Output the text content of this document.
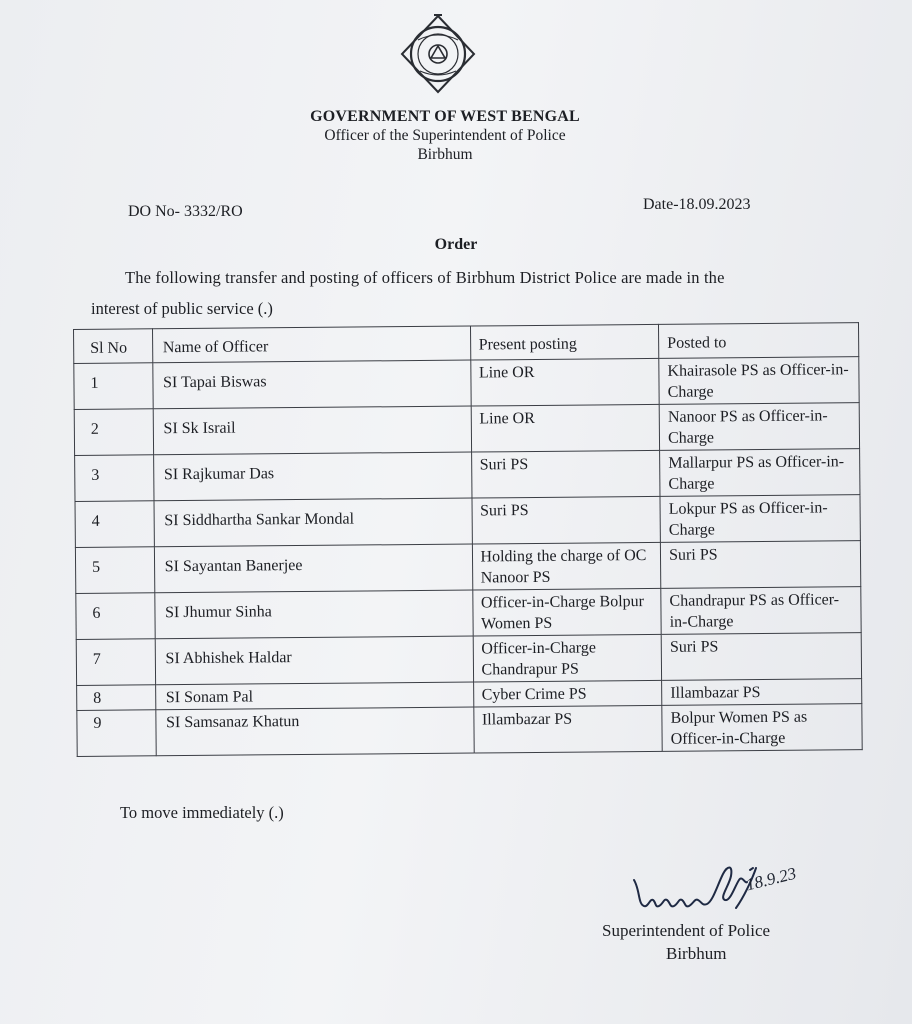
GOVERNMENT OF WEST BENGAL
Officer of the Superintendent of Police
Birbhum
DO No- 3332/RO	Date-18.09.2023
Order
The following transfer and posting of officers of Birbhum District Police are made in the
interest of public service (.)
Sl No	Name of Officer	Present posting	Posted to
1	SI Tapai Biswas	Line OR	Khairasole PS as Officer-in-Charge
2	SI Sk Israil	Line OR	Nanoor PS as Officer-in-Charge
3	SI Rajkumar Das	Suri PS	Mallarpur PS as Officer-in-Charge
4	SI Siddhartha Sankar Mondal	Suri PS	Lokpur PS as Officer-in-Charge
5	SI Sayantan Banerjee	Holding the charge of OC Nanoor PS	Suri PS
6	SI Jhumur Sinha	Officer-in-Charge Bolpur Women PS	Chandrapur PS as Officer-in-Charge
7	SI Abhishek Haldar	Officer-in-Charge Chandrapur PS	Suri PS
8	SI Sonam Pal	Cyber Crime PS	Illambazar PS
9	SI Samsanaz Khatun	Illambazar PS	Bolpur Women PS as Officer-in-Charge
To move immediately (.)
18.9.23
Superintendent of Police
Birbhum
